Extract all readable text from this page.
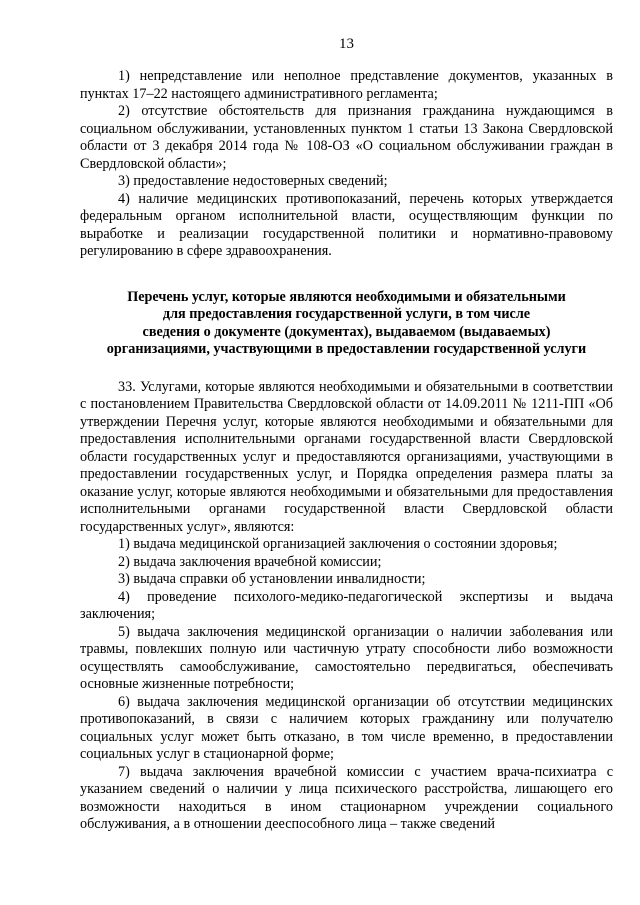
13

1) непредставление или неполное представление документов, указанных в пунктах 17–22 настоящего административного регламента;

2) отсутствие обстоятельств для признания гражданина нуждающимся в социальном обслуживании, установленных пунктом 1 статьи 13 Закона Свердловской области от 3 декабря 2014 года № 108-ОЗ «О социальном обслуживании граждан в Свердловской области»;

3) предоставление недостоверных сведений;

4) наличие медицинских противопоказаний, перечень которых утверждается федеральным органом исполнительной власти, осуществляющим функции по выработке и реализации государственной политики и нормативно-правовому регулированию в сфере здравоохранения.

Перечень услуг, которые являются необходимыми и обязательными
для предоставления государственной услуги, в том числе
сведения о документе (документах), выдаваемом (выдаваемых)
организациями, участвующими в предоставлении государственной услуги

33. Услугами, которые являются необходимыми и обязательными в соответствии с постановлением Правительства Свердловской области от 14.09.2011 № 1211-ПП «Об утверждении Перечня услуг, которые являются необходимыми и обязательными для предоставления исполнительными органами государственной власти Свердловской области государственных услуг и предоставляются организациями, участвующими в предоставлении государственных услуг, и Порядка определения размера платы за оказание услуг, которые являются необходимыми и обязательными для предоставления исполнительными органами государственной власти Свердловской области государственных услуг», являются:

1) выдача медицинской организацией заключения о состоянии здоровья;

2) выдача заключения врачебной комиссии;

3) выдача справки об установлении инвалидности;

4) проведение психолого-медико-педагогической экспертизы и выдача заключения;

5) выдача заключения медицинской организации о наличии заболевания или травмы, повлекших полную или частичную утрату способности либо возможности осуществлять самообслуживание, самостоятельно передвигаться, обеспечивать основные жизненные потребности;

6) выдача заключения медицинской организации об отсутствии медицинских противопоказаний, в связи с наличием которых гражданину или получателю социальных услуг может быть отказано, в том числе временно, в предоставлении социальных услуг в стационарной форме;

7) выдача заключения врачебной комиссии с участием врача-психиатра с указанием сведений о наличии у лица психического расстройства, лишающего его возможности находиться в ином стационарном учреждении социального обслуживания, а в отношении дееспособного лица – также сведений
